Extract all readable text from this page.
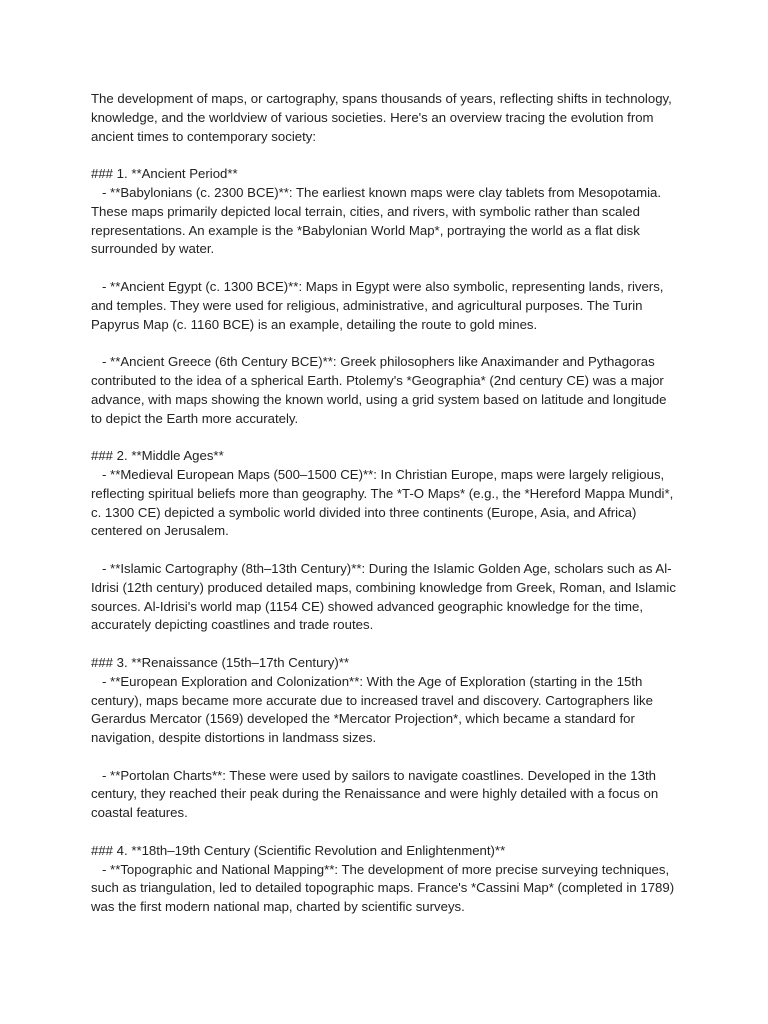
The development of maps, or cartography, spans thousands of years, reflecting shifts in technology, knowledge, and the worldview of various societies. Here's an overview tracing the evolution from ancient times to contemporary society:

### 1. **Ancient Period**

- **Babylonians (c. 2300 BCE)**: The earliest known maps were clay tablets from Mesopotamia. These maps primarily depicted local terrain, cities, and rivers, with symbolic rather than scaled representations. An example is the *Babylonian World Map*, portraying the world as a flat disk surrounded by water.

- **Ancient Egypt (c. 1300 BCE)**: Maps in Egypt were also symbolic, representing lands, rivers, and temples. They were used for religious, administrative, and agricultural purposes. The Turin Papyrus Map (c. 1160 BCE) is an example, detailing the route to gold mines.

- **Ancient Greece (6th Century BCE)**: Greek philosophers like Anaximander and Pythagoras contributed to the idea of a spherical Earth. Ptolemy's *Geographia* (2nd century CE) was a major advance, with maps showing the known world, using a grid system based on latitude and longitude to depict the Earth more accurately.

### 2. **Middle Ages**

- **Medieval European Maps (500–1500 CE)**: In Christian Europe, maps were largely religious, reflecting spiritual beliefs more than geography. The *T-O Maps* (e.g., the *Hereford Mappa Mundi*, c. 1300 CE) depicted a symbolic world divided into three continents (Europe, Asia, and Africa) centered on Jerusalem.

- **Islamic Cartography (8th–13th Century)**: During the Islamic Golden Age, scholars such as Al-Idrisi (12th century) produced detailed maps, combining knowledge from Greek, Roman, and Islamic sources. Al-Idrisi's world map (1154 CE) showed advanced geographic knowledge for the time, accurately depicting coastlines and trade routes.

### 3. **Renaissance (15th–17th Century)**

- **European Exploration and Colonization**: With the Age of Exploration (starting in the 15th century), maps became more accurate due to increased travel and discovery. Cartographers like Gerardus Mercator (1569) developed the *Mercator Projection*, which became a standard for navigation, despite distortions in landmass sizes.

- **Portolan Charts**: These were used by sailors to navigate coastlines. Developed in the 13th century, they reached their peak during the Renaissance and were highly detailed with a focus on coastal features.

### 4. **18th–19th Century (Scientific Revolution and Enlightenment)**

- **Topographic and National Mapping**: The development of more precise surveying techniques, such as triangulation, led to detailed topographic maps. France's *Cassini Map* (completed in 1789) was the first modern national map, charted by scientific surveys.
